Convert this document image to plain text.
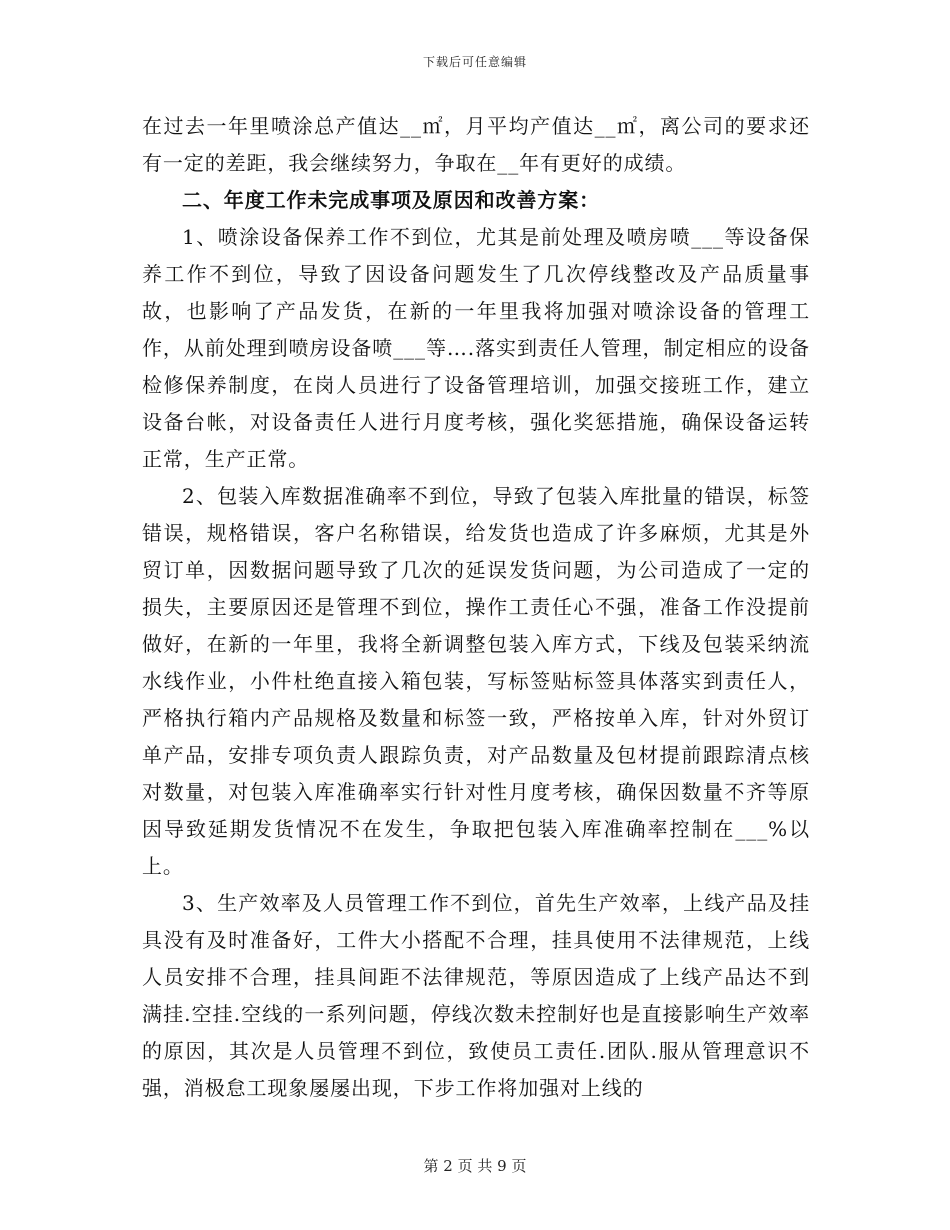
下载后可任意编辑

在过去一年里喷涂总产值达__㎡，月平均产值达__㎡，离公司的要求还有一定的差距，我会继续努力，争取在__年有更好的成绩。

二、年度工作未完成事项及原因和改善方案：

1、喷涂设备保养工作不到位，尤其是前处理及喷房喷___等设备保养工作不到位，导致了因设备问题发生了几次停线整改及产品质量事故，也影响了产品发货，在新的一年里我将加强对喷涂设备的管理工作，从前处理到喷房设备喷___等….落实到责任人管理，制定相应的设备检修保养制度，在岗人员进行了设备管理培训，加强交接班工作，建立设备台帐，对设备责任人进行月度考核，强化奖惩措施，确保设备运转正常，生产正常。

2、包装入库数据准确率不到位，导致了包装入库批量的错误，标签错误，规格错误，客户名称错误，给发货也造成了许多麻烦，尤其是外贸订单，因数据问题导致了几次的延误发货问题，为公司造成了一定的损失，主要原因还是管理不到位，操作工责任心不强，准备工作没提前做好，在新的一年里，我将全新调整包装入库方式，下线及包装采纳流水线作业，小件杜绝直接入箱包装，写标签贴标签具体落实到责任人，严格执行箱内产品规格及数量和标签一致，严格按单入库，针对外贸订单产品，安排专项负责人跟踪负责，对产品数量及包材提前跟踪清点核对数量，对包装入库准确率实行针对性月度考核，确保因数量不齐等原因导致延期发货情况不在发生，争取把包装入库准确率控制在___%以上。

3、生产效率及人员管理工作不到位，首先生产效率，上线产品及挂具没有及时准备好，工件大小搭配不合理，挂具使用不法律规范，上线人员安排不合理，挂具间距不法律规范，等原因造成了上线产品达不到满挂.空挂.空线的一系列问题，停线次数未控制好也是直接影响生产效率的原因，其次是人员管理不到位，致使员工责任.团队.服从管理意识不强，消极怠工现象屡屡出现，下步工作将加强对上线的

第 2 页 共 9 页
